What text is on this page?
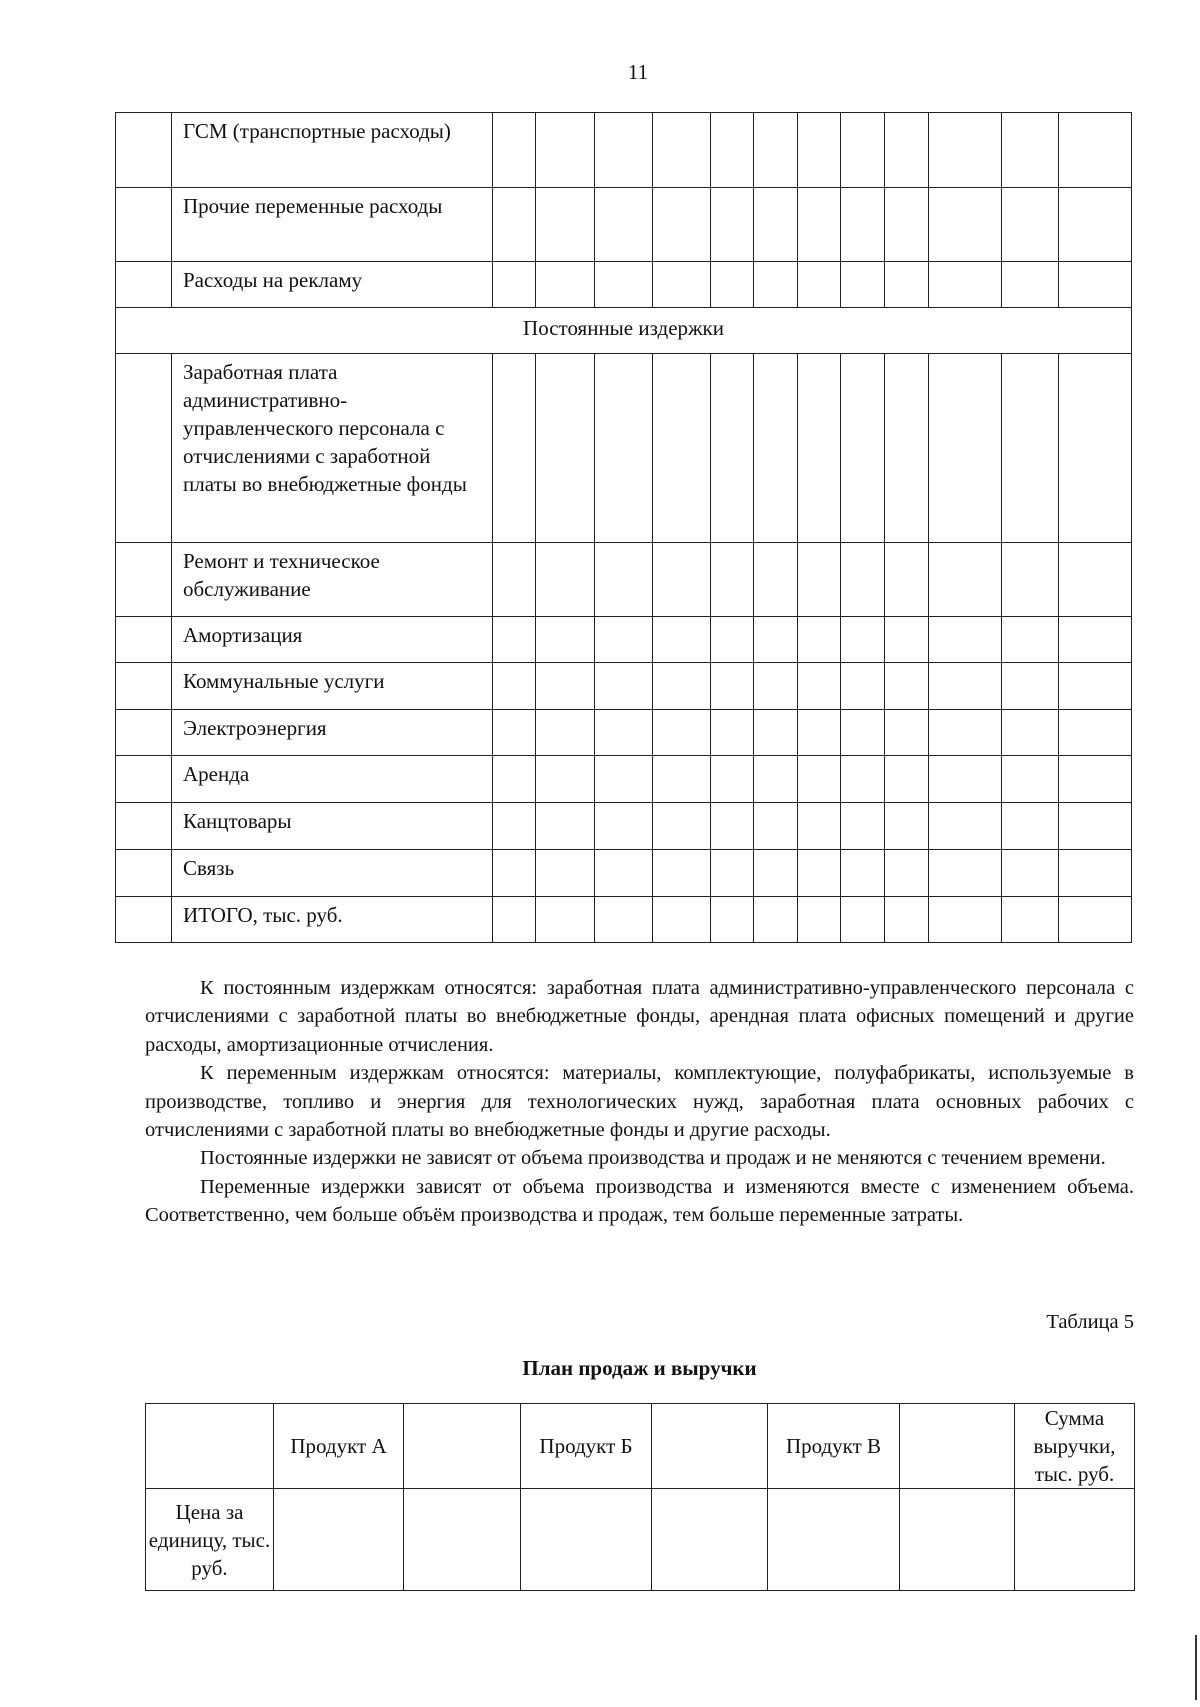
11
	ГСМ (транспортные расходы)												
	Прочие переменные расходы												
	Расходы на рекламу												
Постоянные издержки													
	Заработная плата административно-управленческого персонала с отчислениями с заработной платы во внебюджетные фонды												
	Ремонт и техническое обслуживание												
	Амортизация												
	Коммунальные услуги												
	Электроэнергия												
	Аренда												
	Канцтовары												
	Связь												
	ИТОГО, тыс. руб.												

К постоянным издержкам относятся: заработная плата административно-управленческого персонала с отчислениями с заработной платы во внебюджетные фонды, арендная плата офисных помещений и другие расходы, амортизационные отчисления.

К переменным издержкам относятся: материалы, комплектующие, полуфабрикаты, используемые в производстве, топливо и энергия для технологических нужд, заработная плата основных рабочих с отчислениями с заработной платы во внебюджетные фонды и другие расходы.

Постоянные издержки не зависят от объема производства и продаж и не меняются с течением времени.

Переменные издержки зависят от объема производства и изменяются вместе с изменением объема. Соответственно, чем больше объём производства и продаж, тем больше переменные затраты.

Таблица 5
План продаж и выручки
	Продукт А		Продукт Б		Продукт В		Сумма выручки, тыс. руб.
Цена за единицу, тыс. руб.							
